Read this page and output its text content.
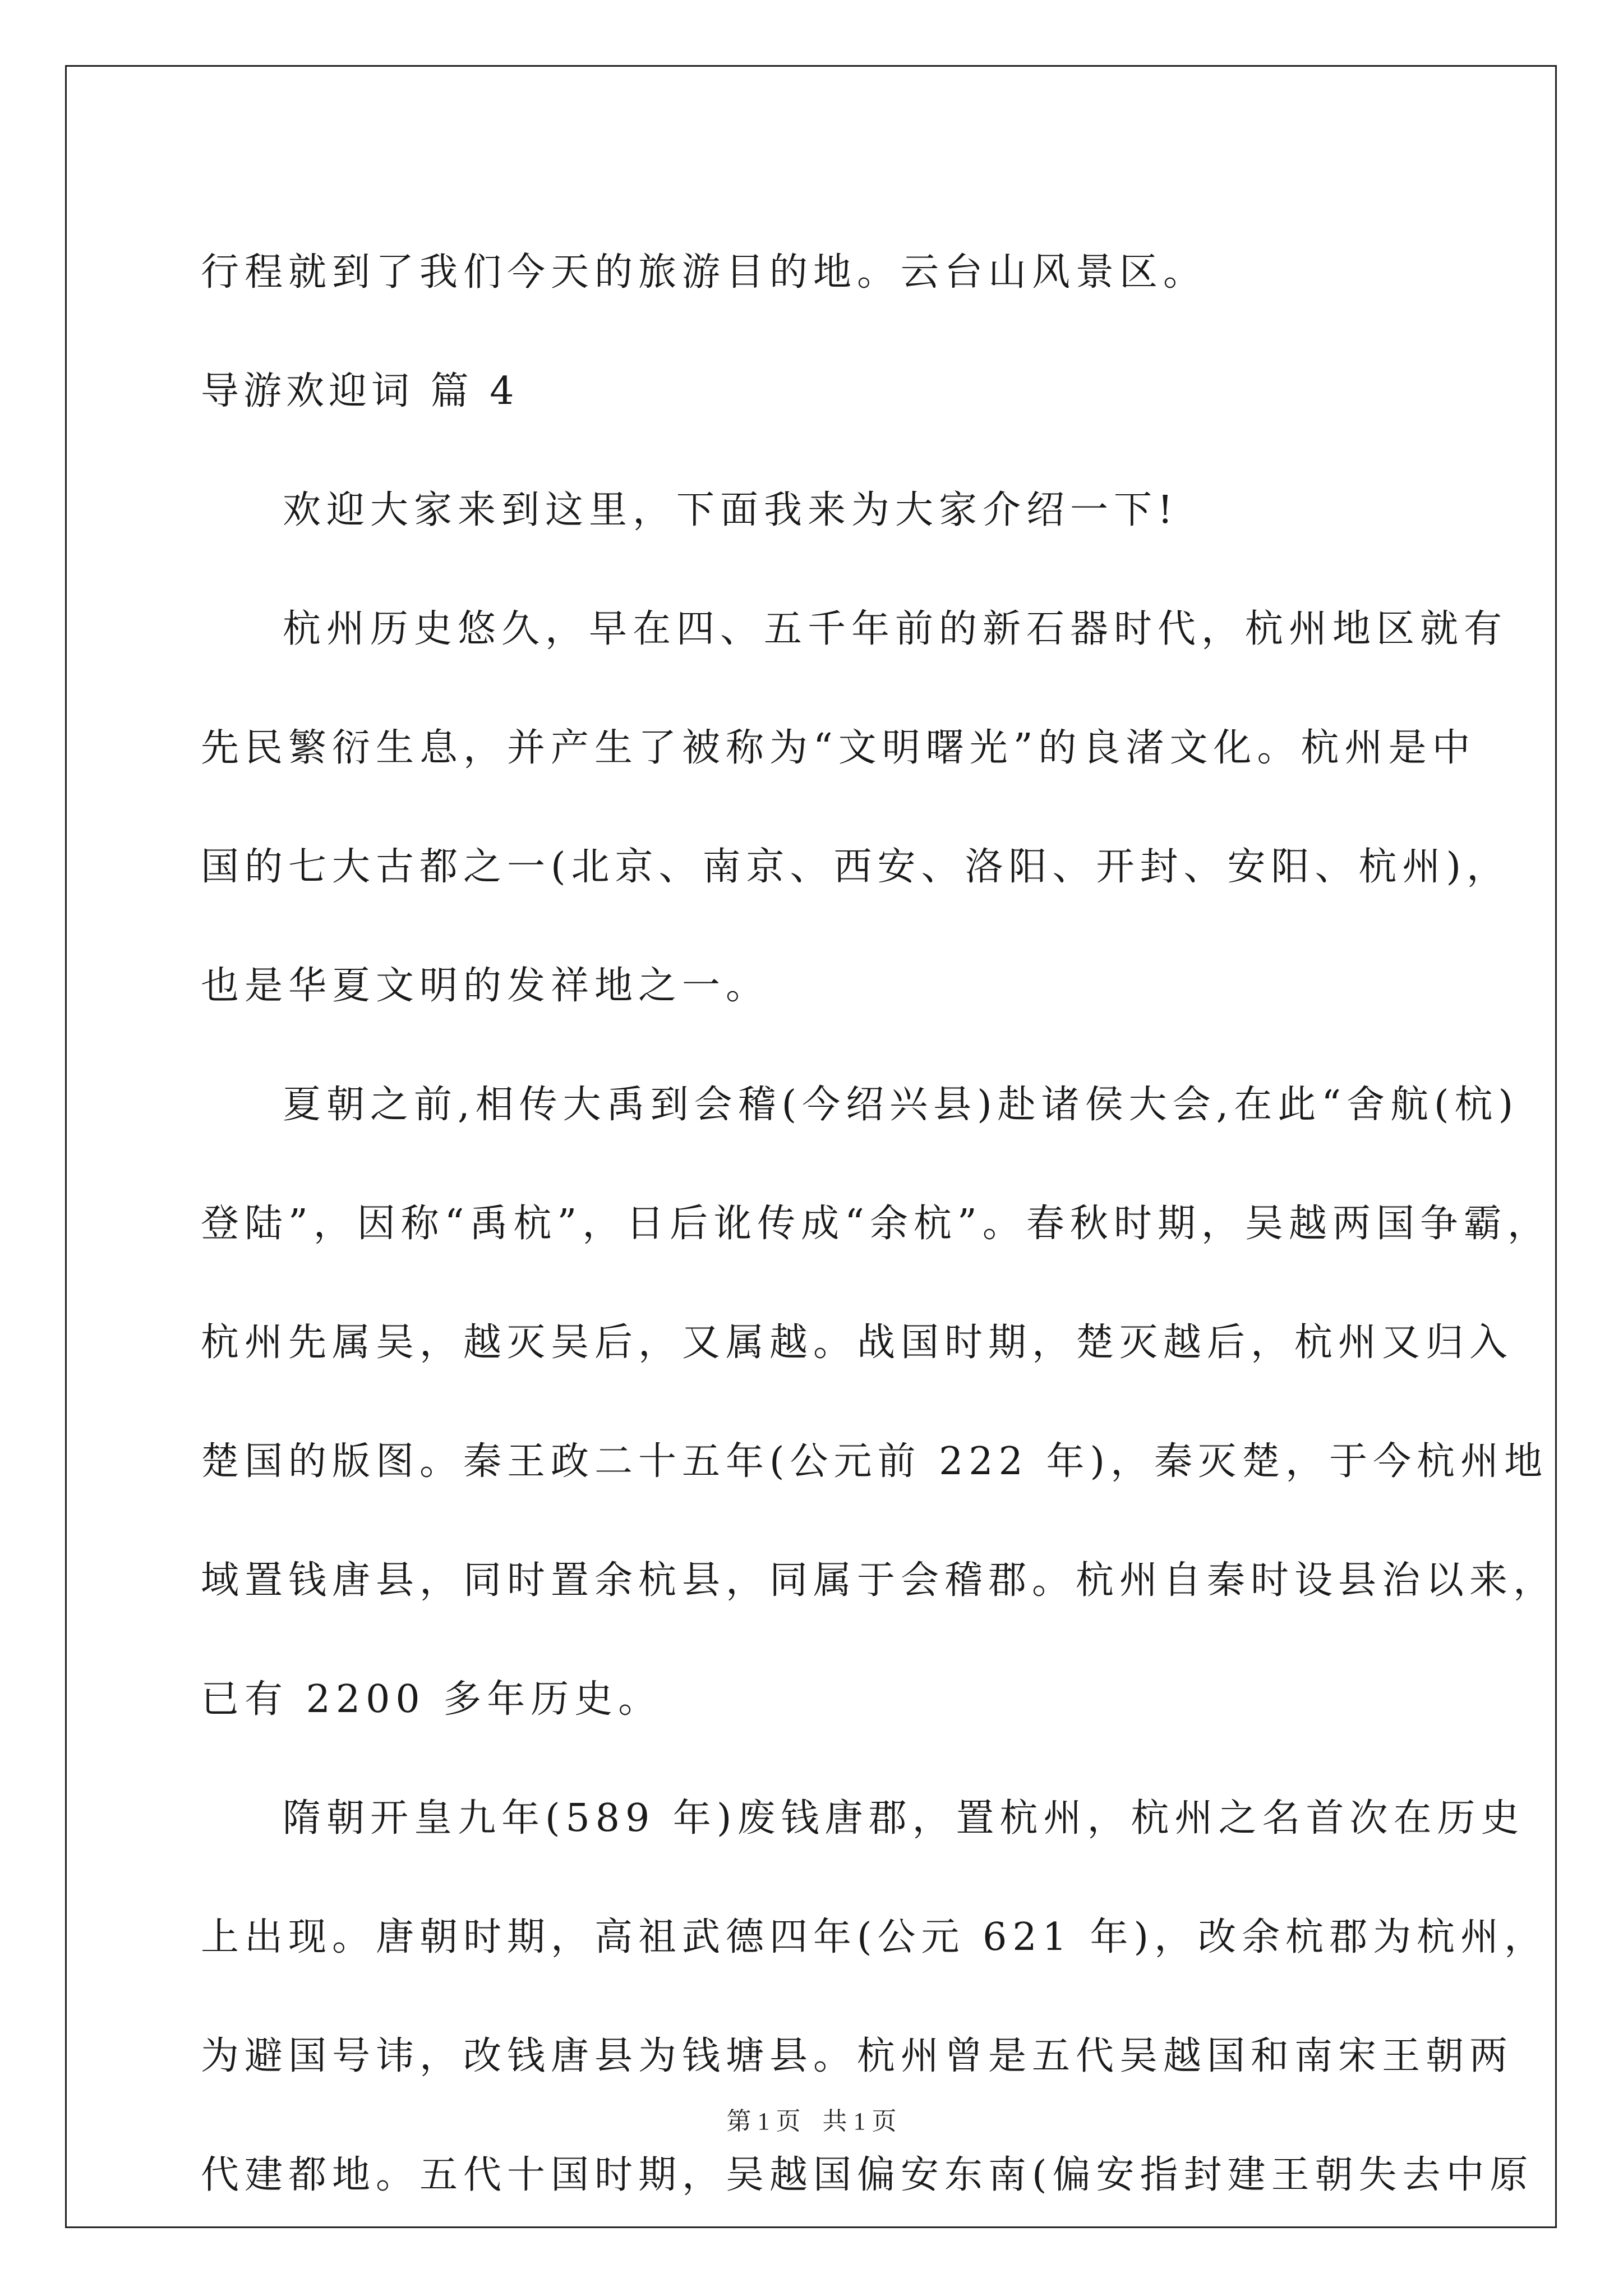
行程就到了我们今天的旅游目的地。云台山风景区。
导游欢迎词 篇 4
欢迎大家来到这里，下面我来为大家介绍一下!
杭州历史悠久，早在四、五千年前的新石器时代，杭州地区就有
先民繁衍生息，并产生了被称为“文明曙光”的良渚文化。杭州是中
国的七大古都之一(北京、南京、西安、洛阳、开封、安阳、杭州)，
也是华夏文明的发祥地之一。
夏朝之前,相传大禹到会稽(今绍兴县)赴诸侯大会,在此“舍航(杭)
登陆”，因称“禹杭”，日后讹传成“余杭”。春秋时期，吴越两国争霸，
杭州先属吴，越灭吴后，又属越。战国时期，楚灭越后，杭州又归入
楚国的版图。秦王政二十五年(公元前 222 年)，秦灭楚，于今杭州地
域置钱唐县，同时置余杭县，同属于会稽郡。杭州自秦时设县治以来，
已有 2200 多年历史。
隋朝开皇九年(589 年)废钱唐郡，置杭州，杭州之名首次在历史
上出现。唐朝时期，高祖武德四年(公元 621 年)，改余杭郡为杭州，
为避国号讳，改钱唐县为钱塘县。杭州曾是五代吴越国和南宋王朝两
代建都地。五代十国时期，吴越国偏安东南(偏安指封建王朝失去中原
第 1 页 共 1 页
